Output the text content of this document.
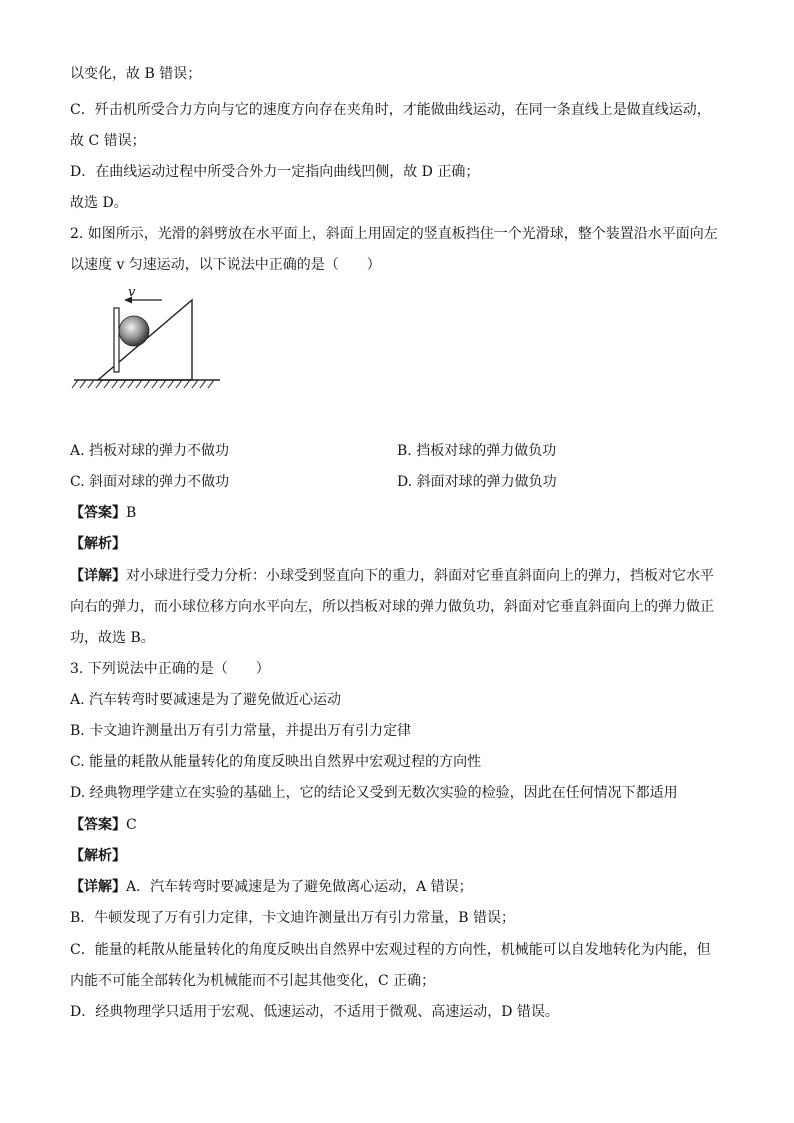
以变化，故 B 错误；
C．歼击机所受合力方向与它的速度方向存在夹角时，才能做曲线运动，在同一条直线上是做直线运动，
故 C 错误；
D．在曲线运动过程中所受合外力一定指向曲线凹侧，故 D 正确；
故选 D。
2. 如图所示，光滑的斜劈放在水平面上，斜面上用固定的竖直板挡住一个光滑球，整个装置沿水平面向左
以速度 v 匀速运动，以下说法中正确的是（　　）
v
A. 挡板对球的弹力不做功	B. 挡板对球的弹力做负功
C. 斜面对球的弹力不做功	D. 斜面对球的弹力做负功
【答案】B
【解析】
【详解】对小球进行受力分析：小球受到竖直向下的重力，斜面对它垂直斜面向上的弹力，挡板对它水平
向右的弹力，而小球位移方向水平向左，所以挡板对球的弹力做负功，斜面对它垂直斜面向上的弹力做正
功，故选 B。
3. 下列说法中正确的是（　　）
A. 汽车转弯时要减速是为了避免做近心运动
B. 卡文迪许测量出万有引力常量，并提出万有引力定律
C. 能量的耗散从能量转化的角度反映出自然界中宏观过程的方向性
D. 经典物理学建立在实验的基础上，它的结论又受到无数次实验的检验，因此在任何情况下都适用
【答案】C
【解析】
【详解】A．汽车转弯时要减速是为了避免做离心运动，A 错误；
B．牛顿发现了万有引力定律，卡文迪许测量出万有引力常量，B 错误；
C．能量的耗散从能量转化的角度反映出自然界中宏观过程的方向性，机械能可以自发地转化为内能，但
内能不可能全部转化为机械能而不引起其他变化，C 正确；
D．经典物理学只适用于宏观、低速运动，不适用于微观、高速运动，D 错误。
